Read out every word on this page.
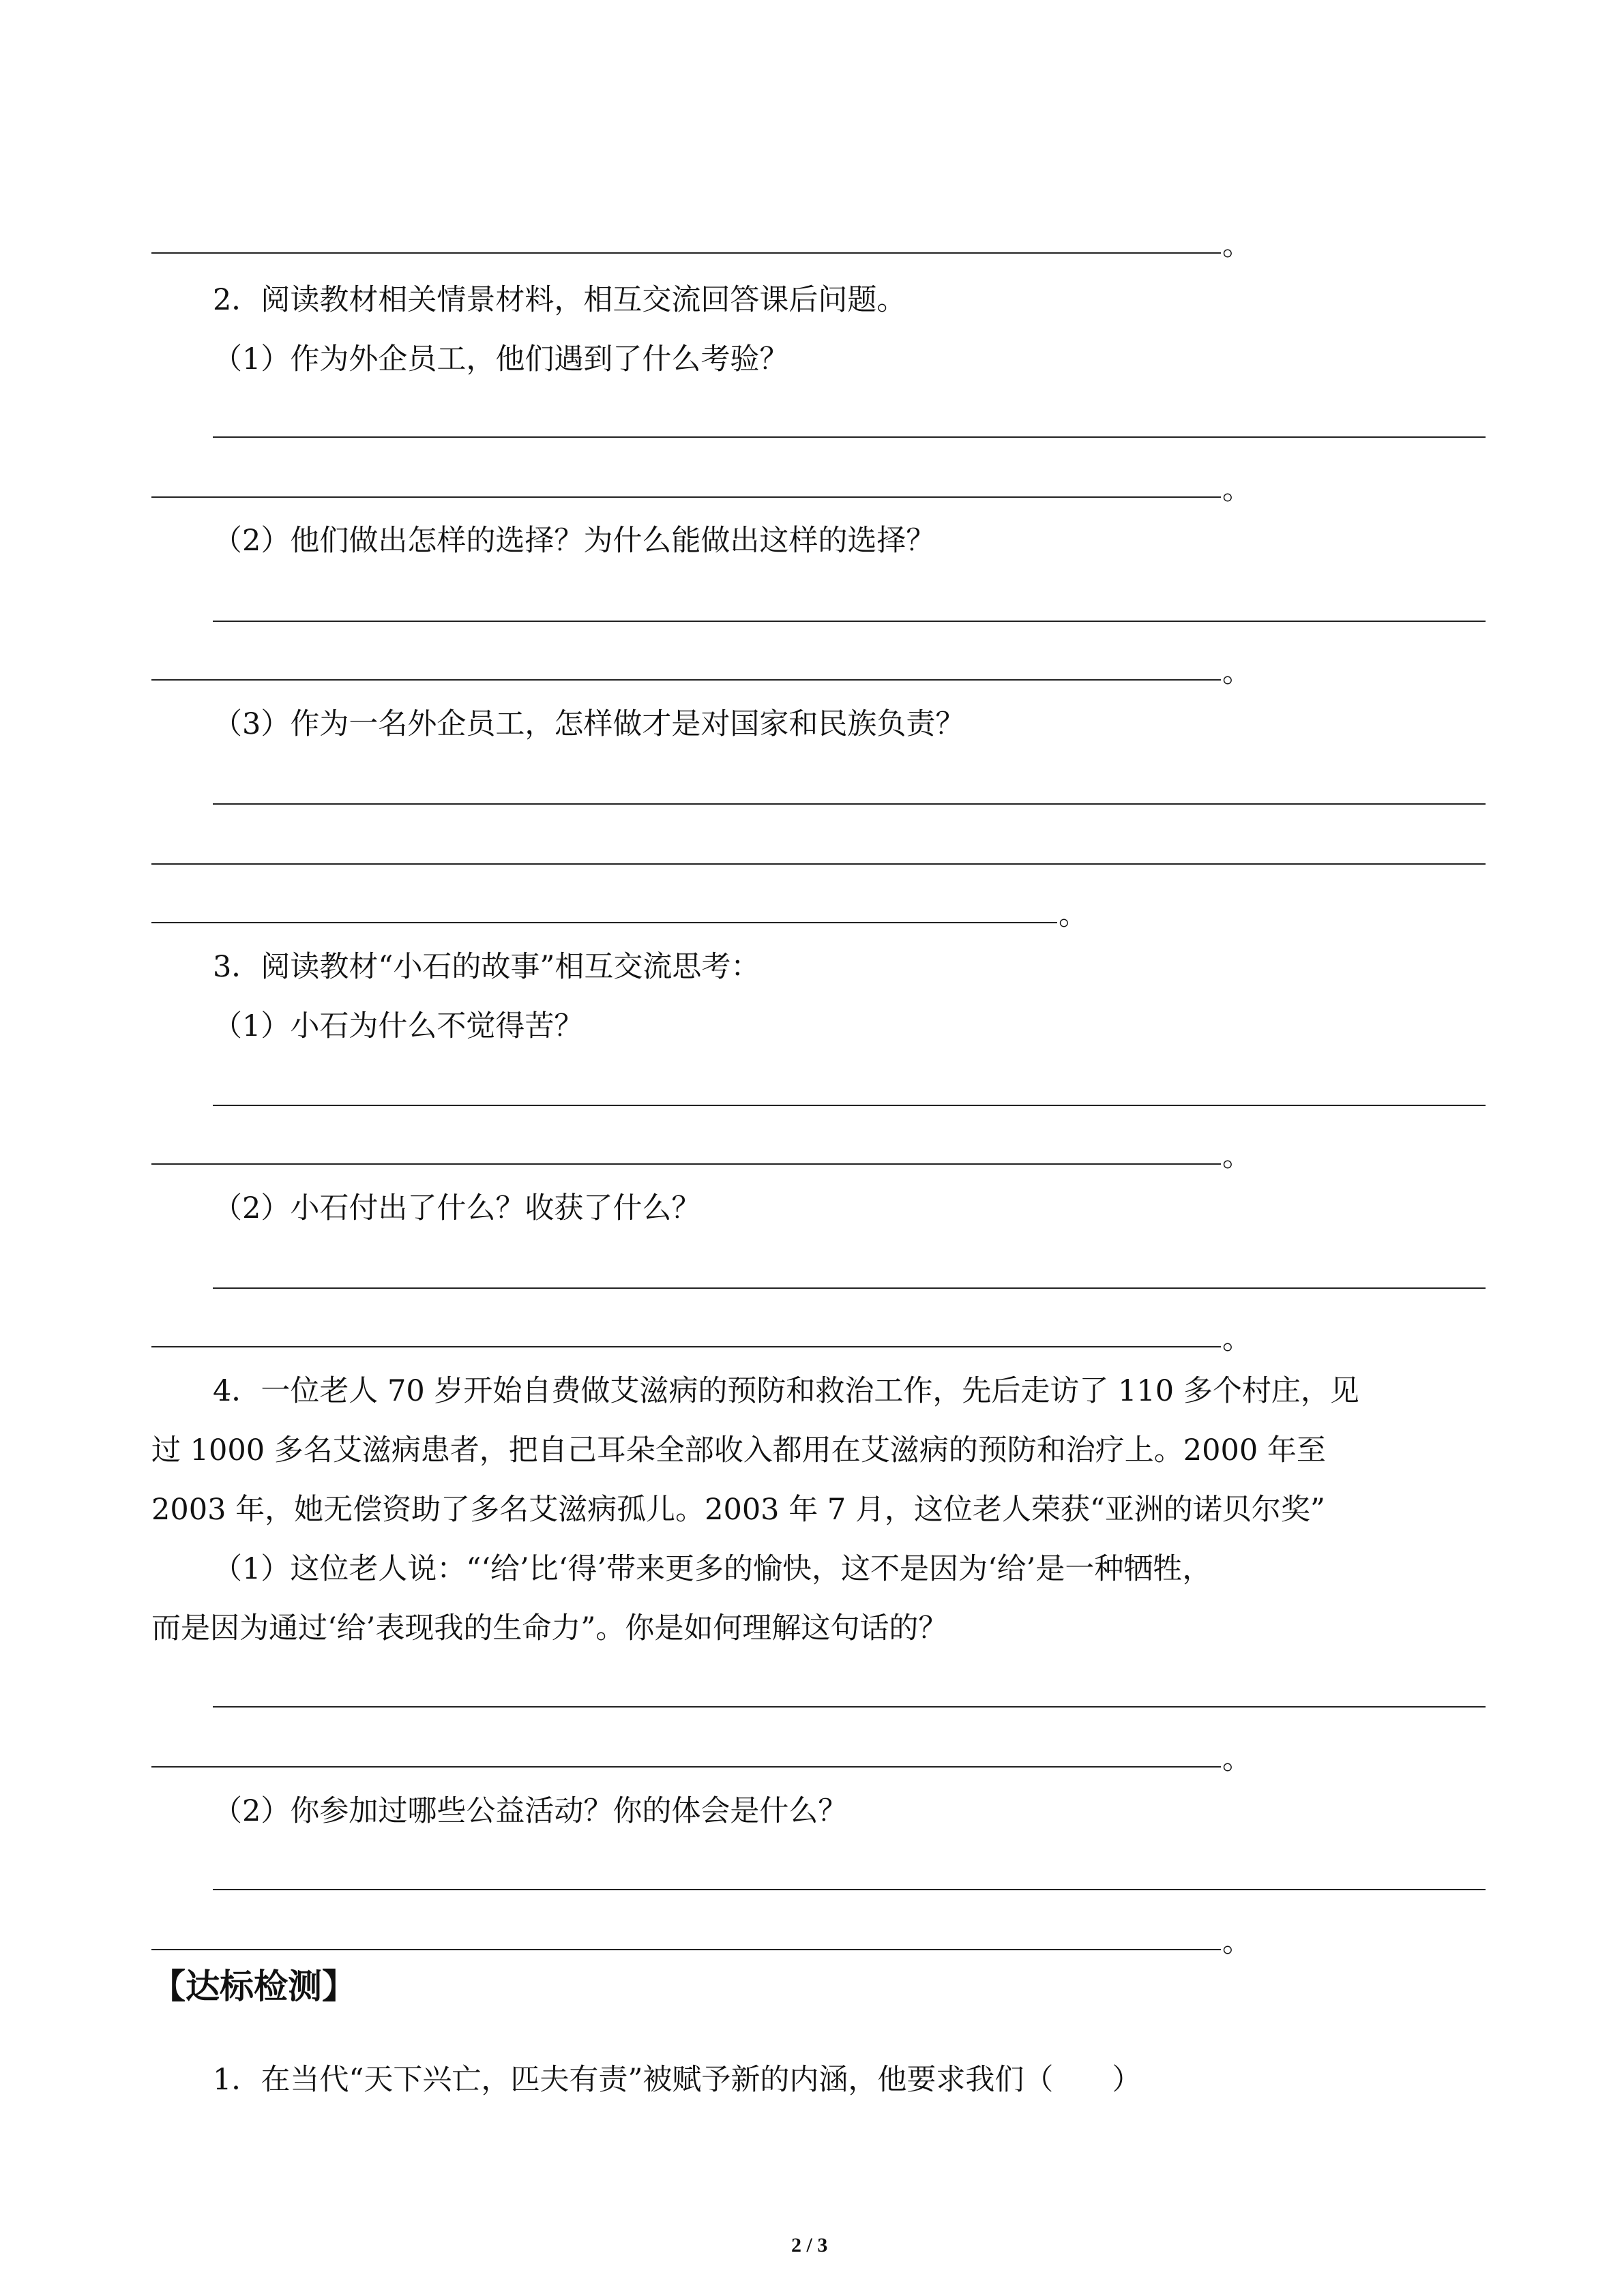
。
2．阅读教材相关情景材料，相互交流回答课后问题。
（1）作为外企员工，他们遇到了什么考验？
。
（2）他们做出怎样的选择？为什么能做出这样的选择？
。
（3）作为一名外企员工，怎样做才是对国家和民族负责？
。
3．阅读教材“小石的故事”相互交流思考：
（1）小石为什么不觉得苦？
。
（2）小石付出了什么？收获了什么？
。
4．一位老人 70 岁开始自费做艾滋病的预防和救治工作，先后走访了 110 多个村庄，见
过 1000 多名艾滋病患者，把自己耳朵全部收入都用在艾滋病的预防和治疗上。2000 年至
2003 年，她无偿资助了多名艾滋病孤儿。2003 年 7 月，这位老人荣获“亚洲的诺贝尔奖”
（1）这位老人说：“‘给’比‘得’带来更多的愉快，这不是因为‘给’是一种牺牲，
而是因为通过‘给’表现我的生命力”。你是如何理解这句话的？
。
（2）你参加过哪些公益活动？你的体会是什么？
。
【达标检测】
1．在当代“天下兴亡，匹夫有责”被赋予新的内涵，他要求我们（　　）
2 / 3
